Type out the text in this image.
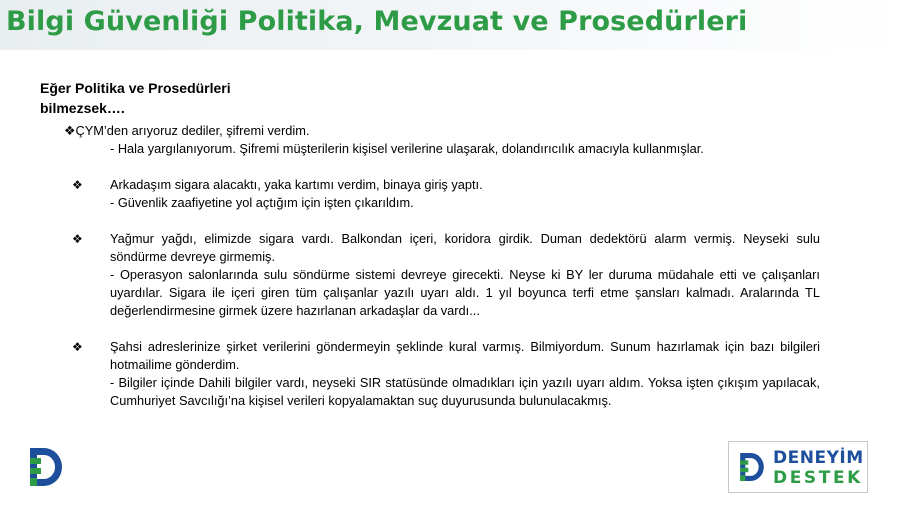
Bilgi Güvenliği Politika, Mevzuat ve Prosedürleri
Eğer Politika ve Prosedürleri bilmezsek….
❖ÇYM’den arıyoruz dediler, şifremi verdim.
- Hala yargılanıyorum. Şifremi müşterilerin kişisel verilerine ulaşarak, dolandırıcılık amacıyla kullanmışlar.
❖ Arkadaşım sigara alacaktı, yaka kartımı verdim, binaya giriş yaptı.
- Güvenlik zaafiyetine yol açtığım için işten çıkarıldım.
❖ Yağmur yağdı, elimizde sigara vardı. Balkondan içeri, koridora girdik. Duman dedektörü alarm vermiş. Neyseki sulu söndürme devreye girmemiş.
- Operasyon salonlarında sulu söndürme sistemi devreye girecekti. Neyse ki BY ler duruma müdahale etti ve çalışanları uyardılar. Sigara ile içeri giren tüm çalışanlar yazılı uyarı aldı. 1 yıl boyunca terfi etme şansları kalmadı. Aralarında TL değerlendirmesine girmek üzere hazırlanan arkadaşlar da vardı...
❖ Şahsi adreslerinize şirket verilerini göndermeyin şeklinde kural varmış. Bilmiyordum. Sunum hazırlamak için bazı bilgileri hotmailime gönderdim.
- Bilgiler içinde Dahili bilgiler vardı, neyseki SIR statüsünde olmadıkları için yazılı uyarı aldım. Yoksa işten çıkışım yapılacak, Cumhuriyet Savcılığı’na kişisel verileri kopyalamaktan suç duyurusunda bulunulacakmış.
DENEYİM
DESTEK
